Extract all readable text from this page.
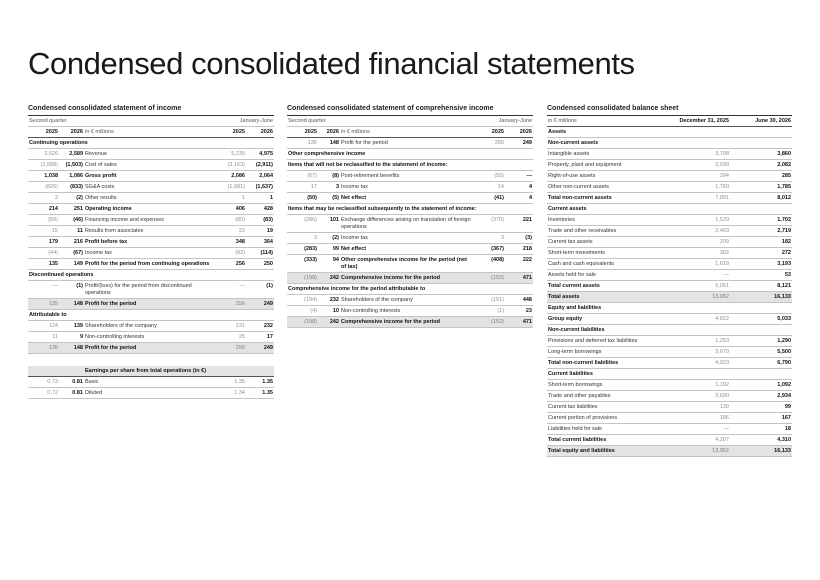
Condensed consolidated financial statements
Condensed consolidated statement of income
Second quarter			January-June	
2025	2026	in € millions	2025	2026
Continuing operations				
2,626	2,589	Revenue	5,239	4,975
(1,588)	(1,503)	Cost of sales	(3,153)	(2,911)
1,038	1,086	Gross profit	2,086	2,064
(826)	(833)	SG&A costs	(1,681)	(1,637)
2	(2)	Other results	1	1
214	251	Operating income	406	428
(50)	(46)	Financing income and expenses	(80)	(83)
15	11	Results from associates	22	19
179	216	Profit before tax	348	364
(44)	(67)	Income tax	(92)	(114)
135	149	Profit for the period from continuing operations	256	250
Discontinued operations				
—	(1)	Profit/(loss) for the period from discontinued operations	—	(1)
135	148	Profit for the period	256	249
Attributable to				
124	139	Shareholders of the company	231	232
11	9	Non-controlling interests	25	17
135	148	Profit for the period	256	249
		Earnings per share from total operations (in €)		
0.73	0.81	Basic	1.35	1.35
0.72	0.81	Diluted	1.34	1.35
Condensed consolidated statement of comprehensive income
Second quarter			January-June	
2025	2026	in € millions	2025	2026
135	148	Profit for the period	256	249
Other comprehensive income				
Items that will not be reclassified to the statement of income:				
(67)	(8)	Post-retirement benefits	(55)	—
17	3	Income tax	14	4
(50)	(5)	Net effect	(41)	4
Items that may be reclassified subsequently to the statement of income:				
(286)	101	Exchange differences arising on translation of foreign operations	(370)	221
3	(2)	Income tax	3	(3)
(283)	99	Net effect	(367)	218
(333)	94	Other comprehensive income for the period (net of tax)	(408)	222
(198)	242	Comprehensive income for the period	(152)	471
Comprehensive income for the period attributable to				
(194)	232	Shareholders of the company	(151)	448
(4)	10	Non-controlling interests	(1)	23
(198)	242	Comprehensive income for the period	(152)	471
Condensed consolidated balance sheet
in € millions	December 31, 2025	June 30, 2026
Assets		
Non-current assets		
Intangible assets	3,798	3,860
Property, plant and equipment	2,039	2,082
Right-of-use assets	294	285
Other non-current assets	1,760	1,785
Total non-current assets	7,891	8,012
Current assets		
Inventories	1,529	1,702
Trade and other receivables	2,403	2,719
Current tax assets	209	182
Short-term investments	302	272
Cash and cash equivalents	1,618	3,193
Assets held for sale	—	53
Total current assets	6,061	8,121
Total assets	13,952	16,133
Equity and liabilities		
Group equity	4,822	5,033
Non-current liabilities		
Provisions and deferred tax liabilities	1,253	1,290
Long-term borrowings	3,670	5,500
Total non-current liabilities	4,923	6,790
Current liabilities		
Short-term borrowings	1,192	1,092
Trade and other payables	2,690	2,934
Current tax liabilities	139	99
Current portion of provisions	186	167
Liabilities held for sale	—	18
Total current liabilities	4,207	4,310
Total equity and liabilities	13,952	16,133
